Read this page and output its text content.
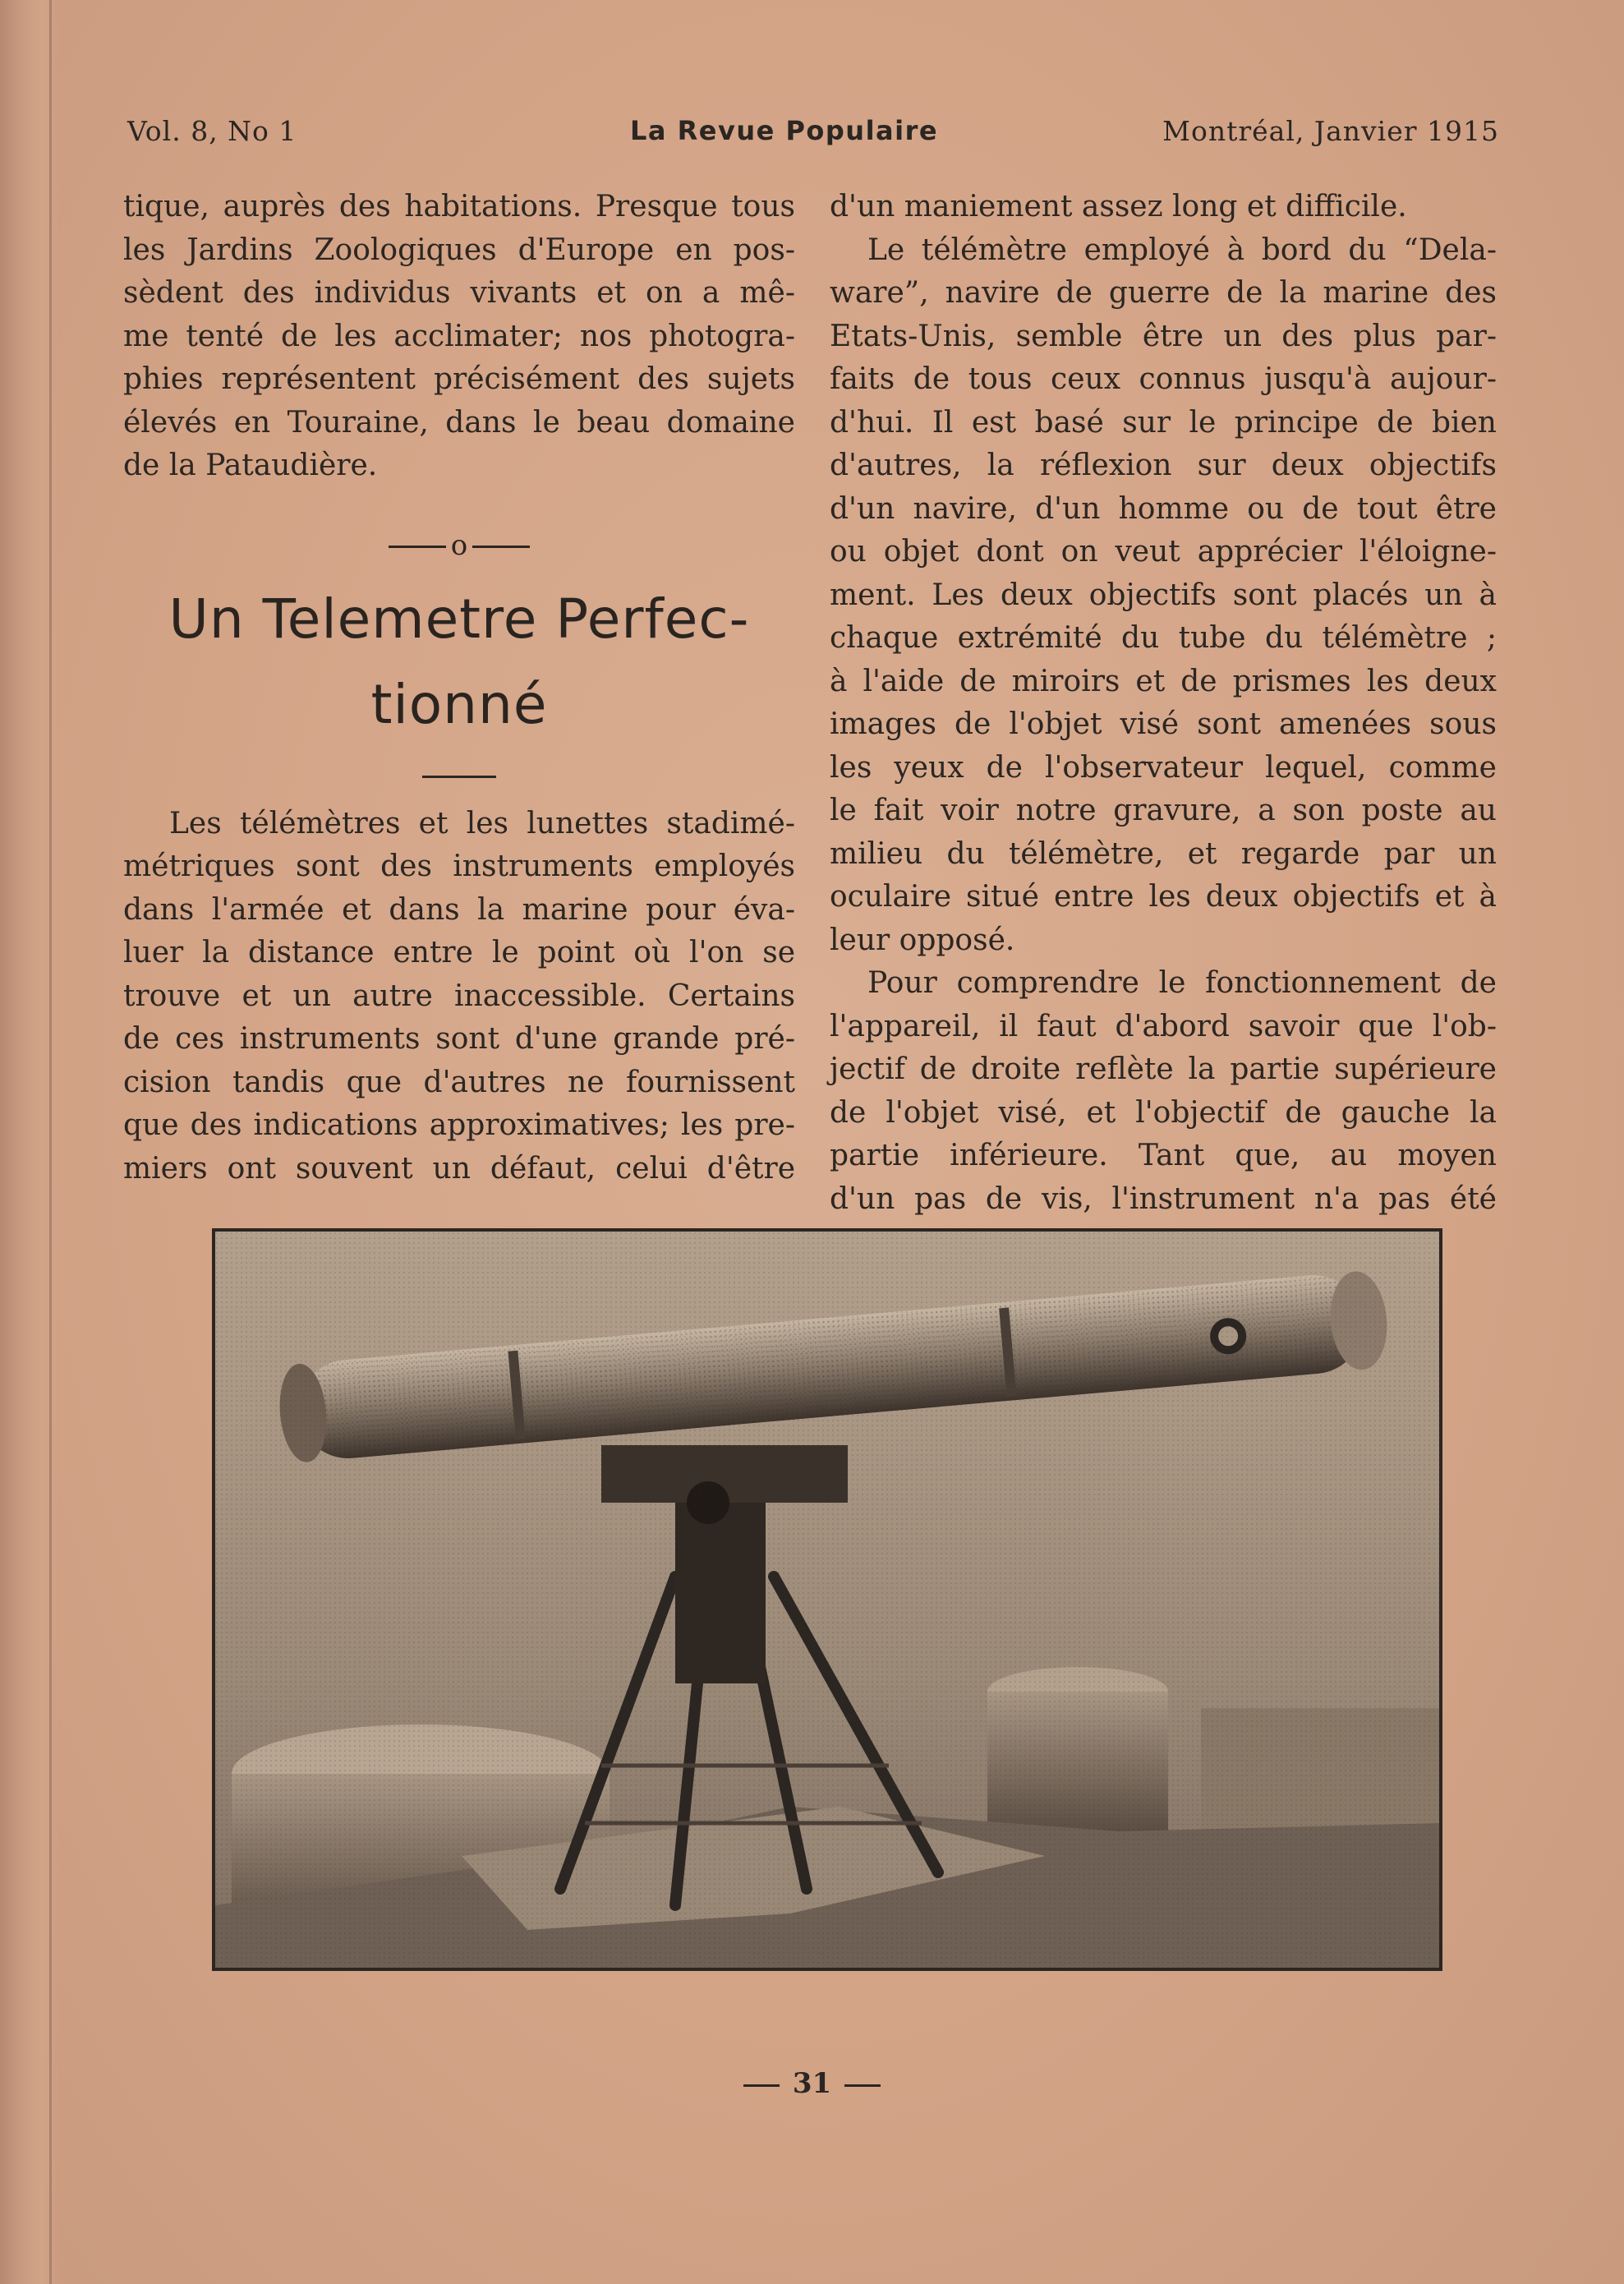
Vol. 8, No 1	La Revue Populaire	Montréal, Janvier 1915
tique, auprès des habitations. Presque tous
les Jardins Zoologiques d'Europe en pos-
sèdent des individus vivants et on a mê-
me tenté de les acclimater; nos photogra-
phies représentent précisément des sujets
élevés en Touraine, dans le beau domaine
de la Pataudière.
o
Un Telemetre Perfec-
tionné
Les télémètres et les lunettes stadimé-
métriques sont des instruments employés
dans l'armée et dans la marine pour éva-
luer la distance entre le point où l'on se
trouve et un autre inaccessible. Certains
de ces instruments sont d'une grande pré-
cision tandis que d'autres ne fournissent
que des indications approximatives; les pre-
miers ont souvent un défaut, celui d'être
d'un maniement assez long et difficile.
Le télémètre employé à bord du “Dela-
ware”, navire de guerre de la marine des
Etats-Unis, semble être un des plus par-
faits de tous ceux connus jusqu'à aujour-
d'hui. Il est basé sur le principe de bien
d'autres, la réflexion sur deux objectifs
d'un navire, d'un homme ou de tout être
ou objet dont on veut apprécier l'éloigne-
ment. Les deux objectifs sont placés un à
chaque extrémité du tube du télémètre ;
à l'aide de miroirs et de prismes les deux
images de l'objet visé sont amenées sous
les yeux de l'observateur lequel, comme
le fait voir notre gravure, a son poste au
milieu du télémètre, et regarde par un
oculaire situé entre les deux objectifs et à
leur opposé.
Pour comprendre le fonctionnement de
l'appareil, il faut d'abord savoir que l'ob-
jectif de droite reflète la partie supérieure
de l'objet visé, et l'objectif de gauche la
partie inférieure. Tant que, au moyen
d'un pas de vis, l'instrument n'a pas été
31
